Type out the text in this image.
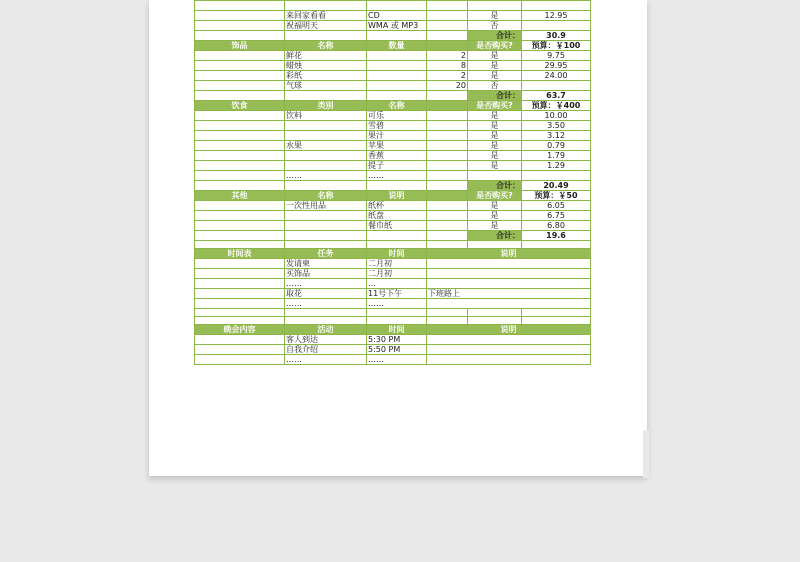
	来回家看看	CD		是	12.95
	祝福明天	WMA 或 MP3		否	
				合计：	30.9
饰品	名称	数量		是否购买?	预算：￥100
	鲜花		2	是	9.75
	蜡烛		8	是	29.95
	彩纸		2	是	24.00
	气球		20	否	
				合计：	63.7
饮食	类别	名称		是否购买?	预算：￥400
	饮料	可乐		是	10.00
		雪碧		是	3.50
		果汁		是	3.12
	水果	苹果		是	0.79
		香蕉		是	1.79
		提子		是	1.29
	……	……			
				合计：	20.49
其他	名称	说明		是否购买?	预算：￥50
	一次性用品	纸杯		是	6.05
		纸盘		是	6.75
		餐巾纸		是	6.80
				合计：	19.6

时间表	任务	时间	说明		
	发请柬	二月初			
	买饰品	二月初			
	……	…			
	取花	11号下午	下班路上		
	……	……			

晚会内容	活动	时间	说明		
	客人到达	5:30 PM			
	自我介绍	5:50 PM			
	……	……			
